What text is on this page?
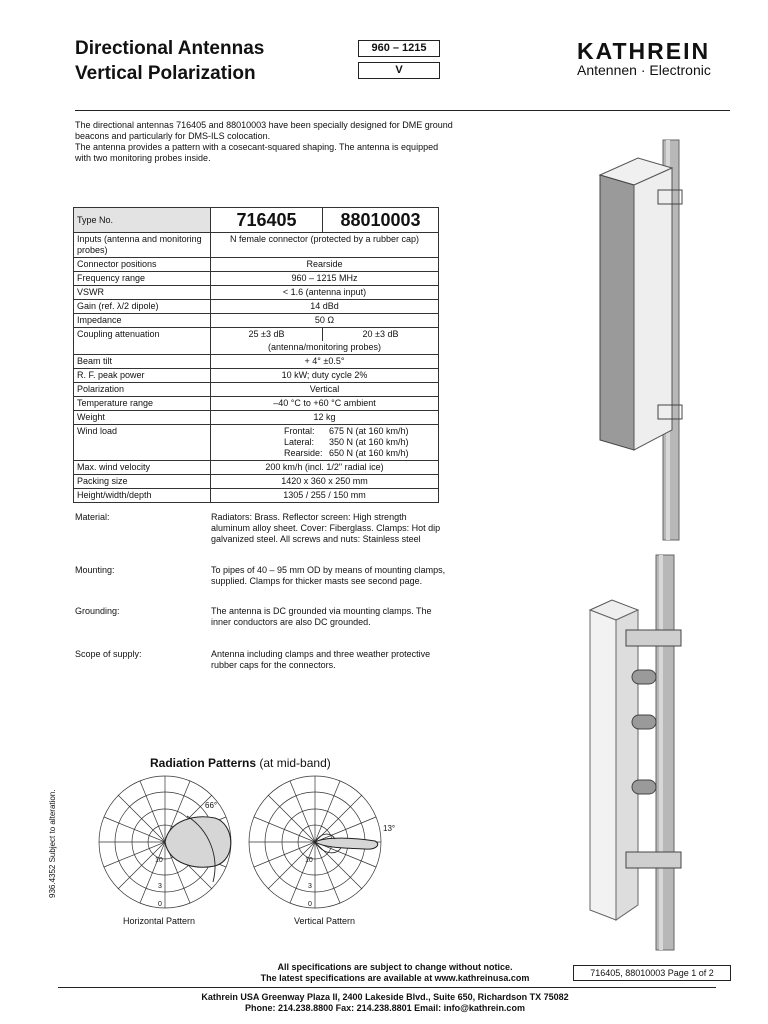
Directional Antennas
Vertical Polarization
960 – 1215
V
KATHREIN
Antennen · Electronic
The directional antennas 716405 and 88010003 have been specially designed for DME ground beacons and particularly for DMS-ILS colocation.
The antenna provides a pattern with a cosecant-squared shaping. The antenna is equipped with two monitoring probes inside.
Type No.	716405	88010003
Inputs (antenna and monitoring probes)	N female connector (protected by a rubber cap)	
Connector positions	Rearside	
Frequency range	960 – 1215 MHz	
VSWR	< 1.6 (antenna input)	
Gain (ref. λ/2 dipole)	14 dBd	
Impedance	50 Ω	
Coupling attenuation	25 ±3 dB	20 ±3 dB
	(antenna/monitoring probes)	
Beam tilt	+ 4° ±0.5°	
R. F. peak power	10 kW; duty cycle 2%	
Polarization	Vertical	
Temperature range	–40 °C to +60 °C ambient	
Weight	12 kg	
Wind load	Frontal: 675 N (at 160 km/h)
Lateral: 350 N (at 160 km/h)
Rearside: 650 N (at 160 km/h)	

Max. wind velocity	200 km/h (incl. 1/2" radial ice)	
Packing size	1420 x 360 x 250 mm	
Height/width/depth	1305 / 255 / 150 mm	
Material:	Radiators: Brass. Reflector screen: High strength aluminum alloy sheet. Cover: Fiberglass. Clamps: Hot dip galvanized steel. All screws and nuts: Stainless steel
Mounting:	To pipes of 40 – 95 mm OD by means of mounting clamps, supplied. Clamps for thicker masts see second page.
Grounding:	The antenna is DC grounded via mounting clamps. The inner conductors are also DC grounded.
Scope of supply:	Antenna including clamps and three weather protective rubber caps for the connectors.
936.4352 Subject to alteration.
Radiation Patterns (at mid-band)
66°
13°
10
3
0
10
3
0
Horizontal Pattern	Vertical Pattern
All specifications are subject to change without notice.
The latest specifications are available at www.kathreinusa.com	716405, 88010003 Page 1 of 2
Kathrein USA Greenway Plaza II, 2400 Lakeside Blvd., Suite 650, Richardson TX 75082
Phone: 214.238.8800 Fax: 214.238.8801 Email: info@kathrein.com
